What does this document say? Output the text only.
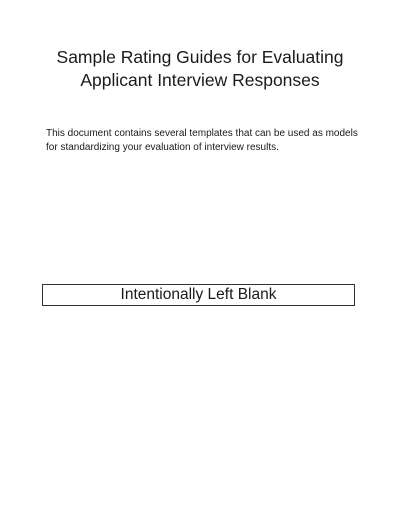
Sample Rating Guides for Evaluating
Applicant Interview Responses

This document contains several templates that can be used as models
for standardizing your evaluation of interview results.

Intentionally Left Blank
